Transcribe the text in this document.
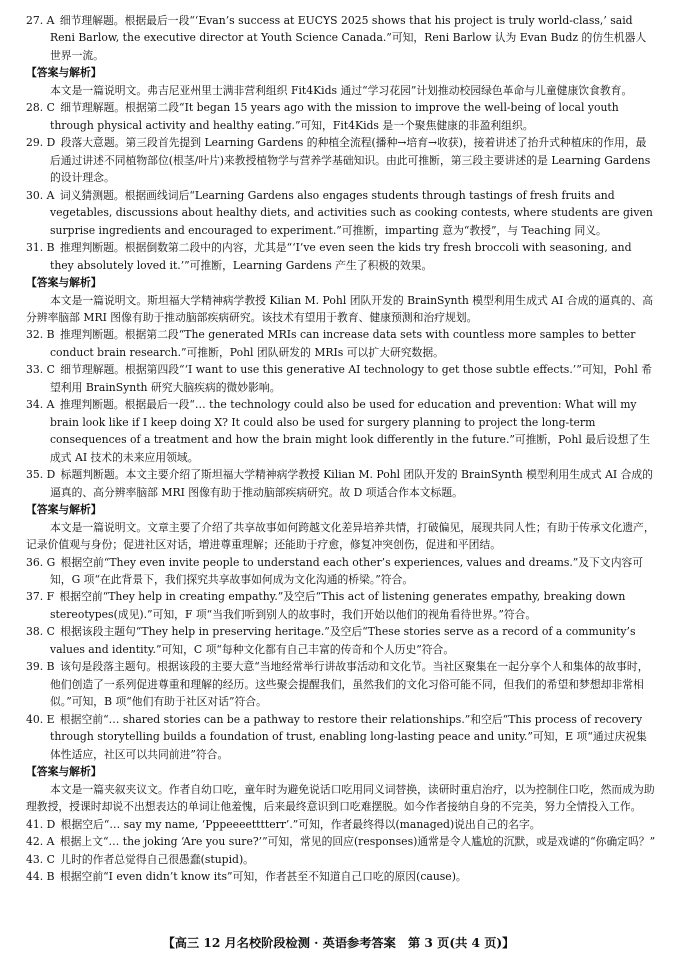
27. A  细节理解题。根据最后一段“‘Evan’s success at EUCYS 2025 shows that his project is truly world-class,’ said Reni Barlow, the executive director at Youth Science Canada.”可知，Reni Barlow 认为 Evan Budz 的仿生机器人世界一流。

【答案与解析】

本文是一篇说明文。弗吉尼亚州里士满非营利组织 Fit4Kids 通过“学习花园”计划推动校园绿色革命与儿童健康饮食教育。

28. C  细节理解题。根据第二段“It began 15 years ago with the mission to improve the well-being of local youth through physical activity and healthy eating.”可知，Fit4Kids 是一个聚焦健康的非盈利组织。

29. D  段落大意题。第三段首先提到 Learning Gardens 的种植全流程(播种→培育→收获)，接着讲述了抬升式种植床的作用，最后通过讲述不同植物部位(根茎/叶片)来教授植物学与营养学基础知识。由此可推断，第三段主要讲述的是 Learning Gardens 的设计理念。

30. A  词义猜测题。根据画线词后“Learning Gardens also engages students through tastings of fresh fruits and vegetables, discussions about healthy diets, and activities such as cooking contests, where students are given surprise ingredients and encouraged to experiment.”可推断，imparting 意为“教授”，与 Teaching 同义。

31. B  推理判断题。根据倒数第二段中的内容，尤其是“‘I’ve even seen the kids try fresh broccoli with seasoning, and they absolutely loved it.’”可推断，Learning Gardens 产生了积极的效果。

【答案与解析】

本文是一篇说明文。斯坦福大学精神病学教授 Kilian M. Pohl 团队开发的 BrainSynth 模型利用生成式 AI 合成的逼真的、高分辨率脑部 MRI 图像有助于推动脑部疾病研究。该技术有望用于教育、健康预测和治疗规划。

32. B  推理判断题。根据第二段“The generated MRIs can increase data sets with countless more samples to better conduct brain research.”可推断，Pohl 团队研发的 MRIs 可以扩大研究数据。

33. C  细节理解题。根据第四段“‘I want to use this generative AI technology to get those subtle effects.’”可知，Pohl 希望利用 BrainSynth 研究大脑疾病的微妙影响。

34. A  推理判断题。根据最后一段“… the technology could also be used for education and prevention: What will my brain look like if I keep doing X? It could also be used for surgery planning to project the long-term consequences of a treatment and how the brain might look differently in the future.”可推断，Pohl 最后设想了生成式 AI 技术的未来应用领域。

35. D  标题判断题。本文主要介绍了斯坦福大学精神病学教授 Kilian M. Pohl 团队开发的 BrainSynth 模型利用生成式 AI 合成的逼真的、高分辨率脑部 MRI 图像有助于推动脑部疾病研究。故 D 项适合作本文标题。

【答案与解析】

本文是一篇说明文。文章主要了介绍了共享故事如何跨越文化差异培养共情，打破偏见，展现共同人性；有助于传承文化遗产，记录价值观与身份；促进社区对话，增进尊重理解；还能助于疗愈，修复冲突创伤，促进和平团结。

36. G  根据空前“They even invite people to understand each other’s experiences, values and dreams.”及下文内容可知，G 项“在此背景下，我们探究共享故事如何成为文化沟通的桥梁。”符合。

37. F  根据空前“They help in creating empathy.”及空后“This act of listening generates empathy, breaking down stereotypes(成见).”可知，F 项“当我们听到别人的故事时，我们开始以他们的视角看待世界。”符合。

38. C  根据该段主题句“They help in preserving heritage.”及空后“These stories serve as a record of a community’s values and identity.”可知，C 项“每种文化都有自己丰富的传奇和个人历史”符合。

39. B  该句是段落主题句。根据该段的主要大意“当地经常举行讲故事活动和文化节。当社区聚集在一起分享个人和集体的故事时，他们创造了一系列促进尊重和理解的经历。这些聚会提醒我们，虽然我们的文化习俗可能不同，但我们的希望和梦想却非常相似。”可知，B 项“他们有助于社区对话”符合。

40. E  根据空前“… shared stories can be a pathway to restore their relationships.”和空后“This process of recovery through storytelling builds a foundation of trust, enabling long-lasting peace and unity.”可知，E 项“通过庆祝集体性适应，社区可以共同前进”符合。

【答案与解析】

本文是一篇夹叙夹议文。作者自幼口吃，童年时为避免说话口吃用同义词替换，读研时重启治疗，以为控制住口吃，然而成为助理教授，授课时却说不出想表达的单词让他羞愧，后来最终意识到口吃难摆脱。如今作者接纳自身的不完美，努力全情投入工作。

41. D  根据空后“… say my name, ‘Pppeeeetttterr’.”可知，作者最终得以(managed)说出自己的名字。

42. A  根据上文“… the joking ‘Are you sure?’”可知，常见的回应(responses)通常是令人尴尬的沉默，或是戏谑的“你确定吗？”

43. C  儿时的作者总觉得自己很愚蠢(stupid)。

44. B  根据空前“I even didn’t know its”可知，作者甚至不知道自己口吃的原因(cause)。

【高三 12 月名校阶段检测 · 英语参考答案　第 3 页(共 4 页)】
